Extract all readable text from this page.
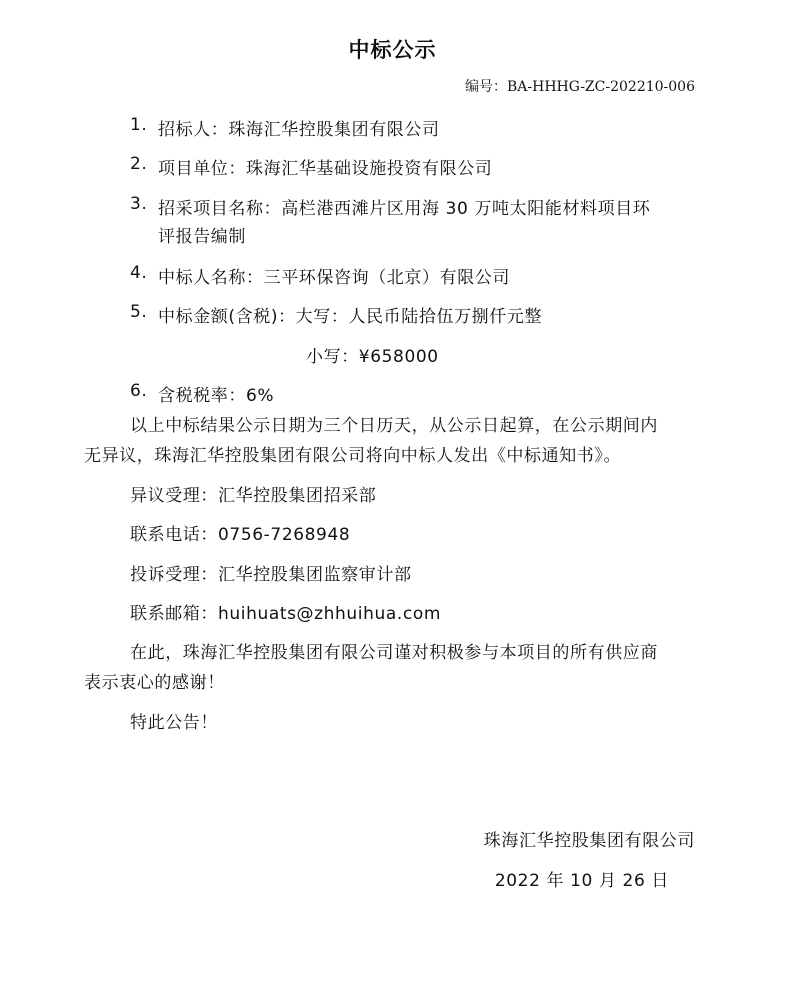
中标公示
编号：BA-HHHG-ZC-202210-006
1. 招标人：珠海汇华控股集团有限公司
2. 项目单位：珠海汇华基础设施投资有限公司
3. 招采项目名称：高栏港西滩片区用海 30 万吨太阳能材料项目环
评报告编制
4. 中标人名称：三平环保咨询（北京）有限公司
5. 中标金额(含税)：大写：人民币陆拾伍万捌仟元整
小写：¥658000
6. 含税税率：6%
以上中标结果公示日期为三个日历天，从公示日起算，在公示期间内
无异议，珠海汇华控股集团有限公司将向中标人发出《中标通知书》。
异议受理：汇华控股集团招采部
联系电话：0756-7268948
投诉受理：汇华控股集团监察审计部
联系邮箱：huihuats@zhhuihua.com
在此，珠海汇华控股集团有限公司谨对积极参与本项目的所有供应商
表示衷心的感谢！
特此公告！
珠海汇华控股集团有限公司
2022 年 10 月 26 日
